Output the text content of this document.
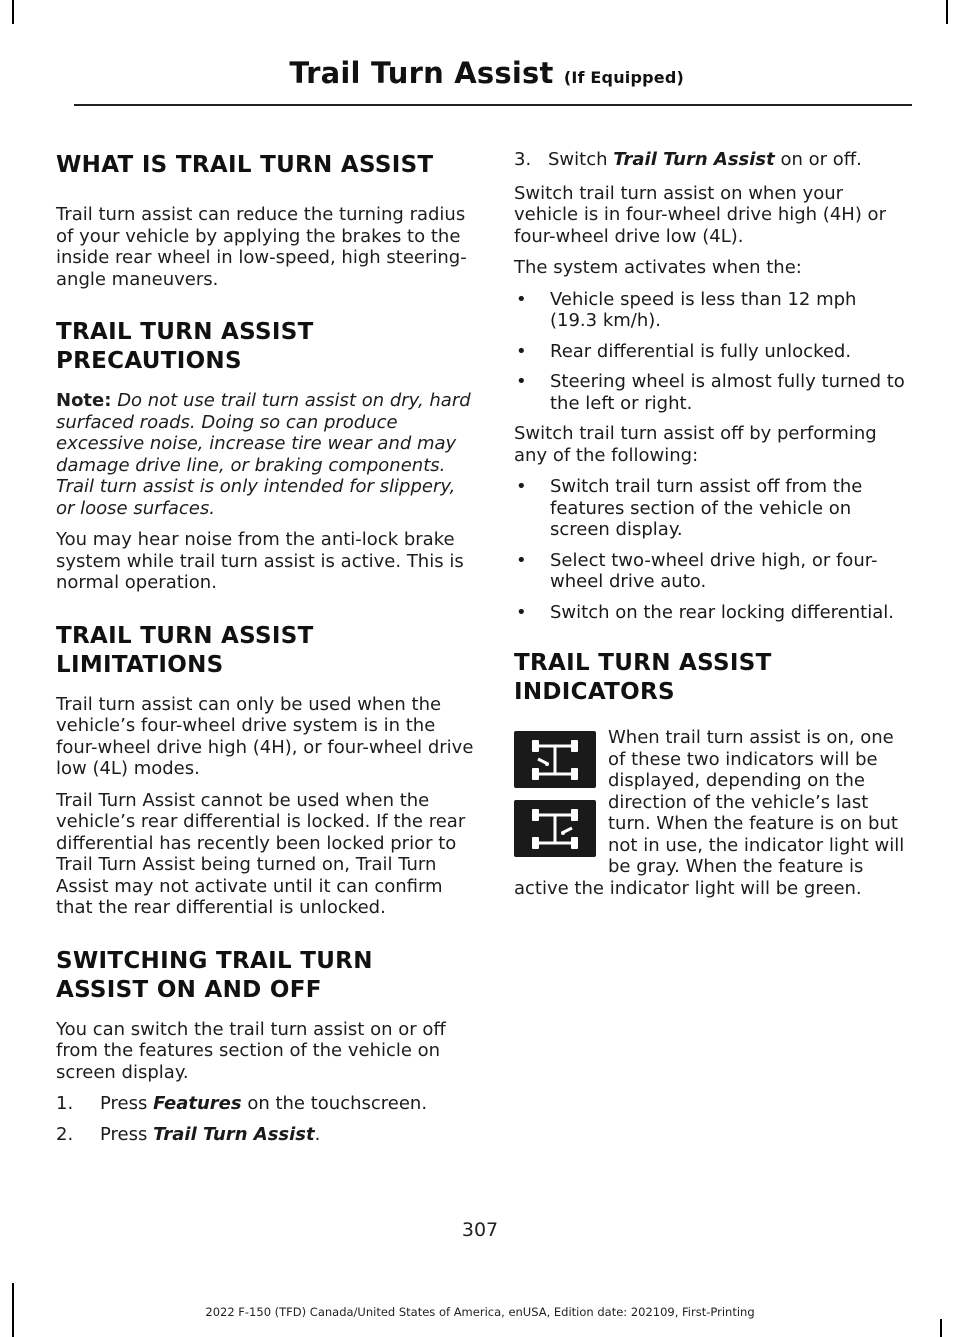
Trail Turn Assist (If Equipped)
WHAT IS TRAIL TURN ASSIST

Trail turn assist can reduce the turning radius of your vehicle by applying the brakes to the inside rear wheel in low-speed, high steering-angle maneuvers.

TRAIL TURN ASSIST
PRECAUTIONS

Note: Do not use trail turn assist on dry, hard surfaced roads. Doing so can produce excessive noise, increase tire wear and may damage drive line, or braking components. Trail turn assist is only intended for slippery, or loose surfaces.

You may hear noise from the anti-lock brake system while trail turn assist is active. This is normal operation.

TRAIL TURN ASSIST
LIMITATIONS

Trail turn assist can only be used when the vehicle’s four-wheel drive system is in the four-wheel drive high (4H), or four-wheel drive low (4L) modes.

Trail Turn Assist cannot be used when the vehicle’s rear differential is locked. If the rear differential has recently been locked prior to Trail Turn Assist being turned on, Trail Turn Assist may not activate until it can confirm that the rear differential is unlocked.

SWITCHING TRAIL TURN
ASSIST ON AND OFF

You can switch the trail turn assist on or off from the features section of the vehicle on screen display.

1.	Press Features on the touchscreen.
2.	Press Trail Turn Assist.
3. Switch Trail Turn Assist on or off.

Switch trail turn assist on when your vehicle is in four-wheel drive high (4H) or four-wheel drive low (4L).

The system activates when the:

•	Vehicle speed is less than 12 mph (19.3 km/h).
•	Rear differential is fully unlocked.
•	Steering wheel is almost fully turned to the left or right.

Switch trail turn assist off by performing any of the following:

•	Switch trail turn assist off from the features section of the vehicle on screen display.
•	Select two-wheel drive high, or four-wheel drive auto.
•	Switch on the rear locking differential.
TRAIL TURN ASSIST
INDICATORS

When trail turn assist is on, one of these two indicators will be displayed, depending on the direction of the vehicle’s last turn. When the feature is on but not in use, the indicator light will be gray. When the feature is active the indicator light will be green.

307
2022 F-150 (TFD) Canada/United States of America, enUSA, Edition date: 202109, First-Printing
